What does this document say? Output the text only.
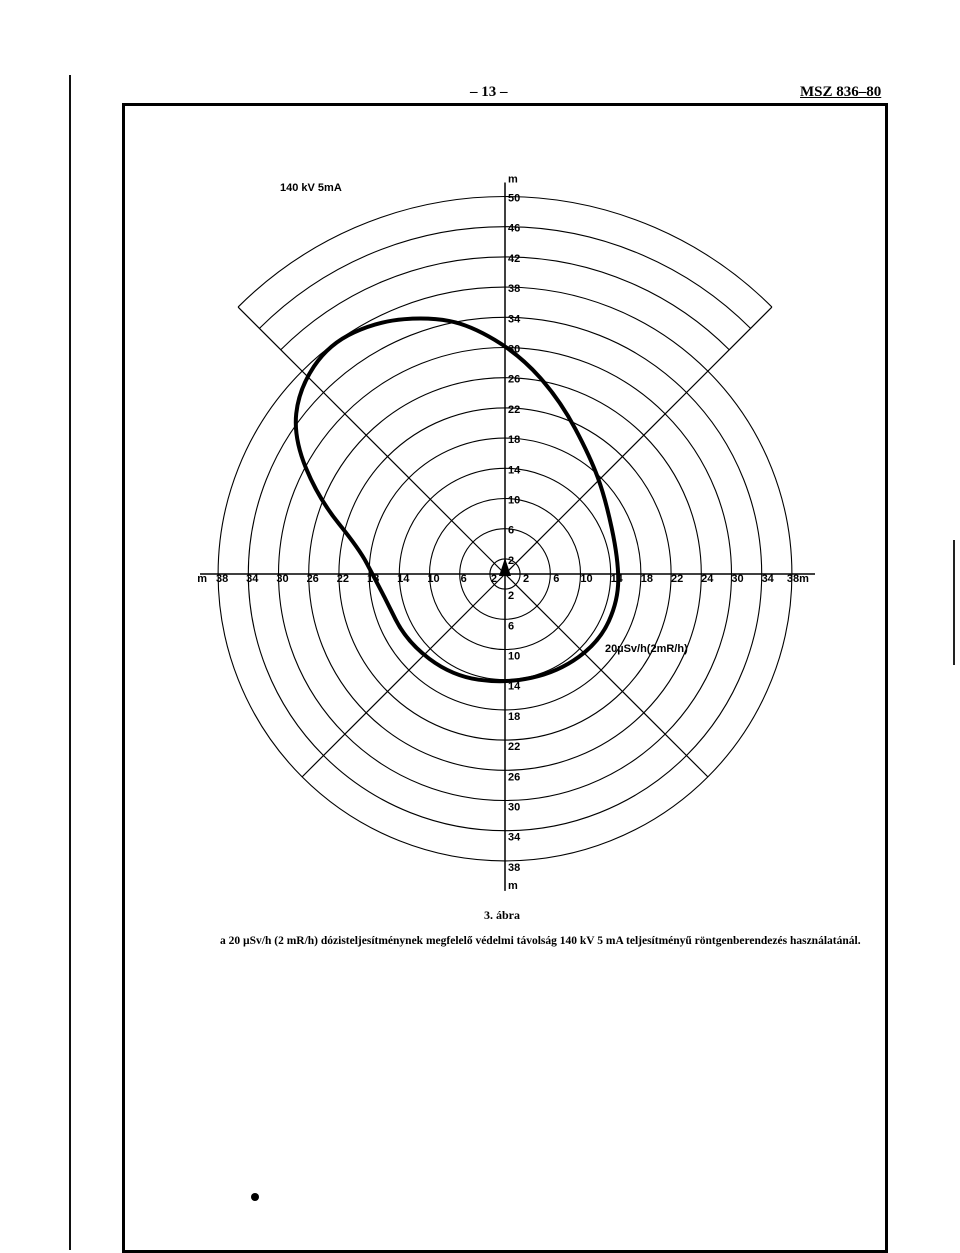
– 13 –	MSZ 836–80
140 kV 5mA
38 34 30 26 22 18 14 10 6 2 2 6 10 14 18 22 24 30 34 38m
m
50
46
42
38
34
30
26
22
18
14
10
6
2
2
6
10
14
18
22
26
30
34
38
m
m
20µSv/h(2mR/h)
3. ábra
a 20 µSv/h (2 mR/h) dózisteljesítménynek megfelelő védelmi távolság 140 kV 5 mA teljesítményű röntgenberendezés használatánál.
